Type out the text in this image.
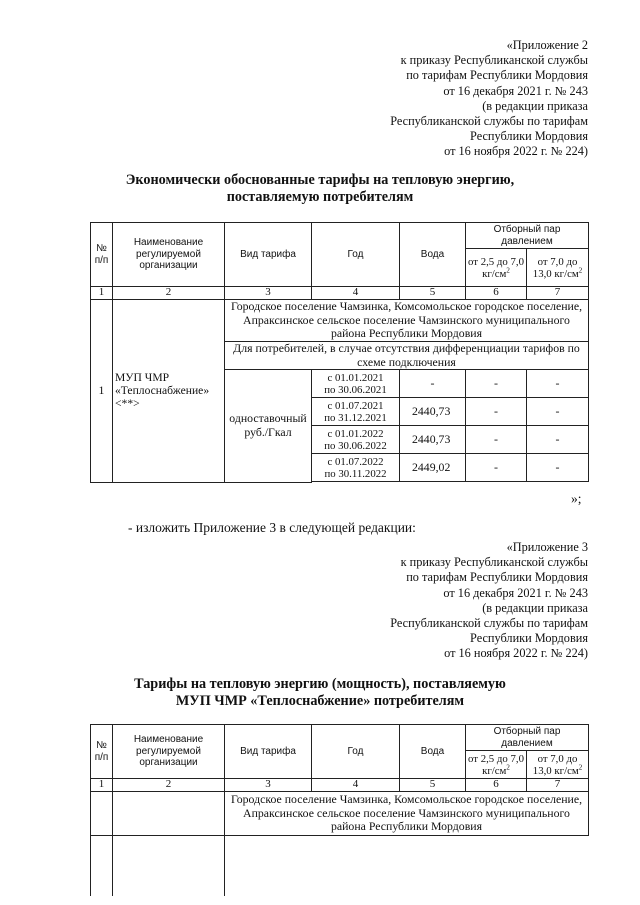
«Приложение 2
к приказу Республиканской службы
по тарифам Республики Мордовия
от 16 декабря 2021 г. № 243
(в редакции приказа
Республиканской службы по тарифам
Республики Мордовия
от 16 ноября 2022 г. № 224)
Экономически обоснованные тарифы на тепловую энергию,
поставляемую потребителям
№ п/п	Наименование регулируемой организации	Вид тарифа	Год	Вода	Отборный пар давлением	
					от 2,5 до 7,0 $кг/см^2$	от 7,0 до 13,0 $кг/см^2$
1	2	3	4	5	6	7
1	МУП ЧМР «Теплоснабжение» <**>	Городское поселение Чамзинка, Комсомольское городское поселение, Апраксинское сельское поселение Чамзинского муниципального района Республики Мордовия				
		Для потребителей, в случае отсутствия дифференциации тарифов по схеме подключения				
		одноставочный руб./Гкал	с 01.01.2021
по 30.06.2021	-	-	-

			с 01.07.2021
по 31.12.2021	2440,73	-	-

			с 01.01.2022
по 30.06.2022	2440,73	-	-

			с 01.07.2022
по 30.11.2022	2449,02	-	-

»;
- изложить Приложение 3 в следующей редакции:
«Приложение 3
к приказу Республиканской службы
по тарифам Республики Мордовия
от 16 декабря 2021 г. № 243
(в редакции приказа
Республиканской службы по тарифам
Республики Мордовия
от 16 ноября 2022 г. № 224)
Тарифы на тепловую энергию (мощность), поставляемую
МУП ЧМР «Теплоснабжение» потребителям
№ п/п	Наименование регулируемой организации	Вид тарифа	Год	Вода	Отборный пар давлением	
					от 2,5 до 7,0 $кг/см^2$	от 7,0 до 13,0 $кг/см^2$
1	2	3	4	5	6	7
		Городское поселение Чамзинка, Комсомольское городское поселение, Апраксинское сельское поселение Чамзинского муниципального района Республики Мордовия				
